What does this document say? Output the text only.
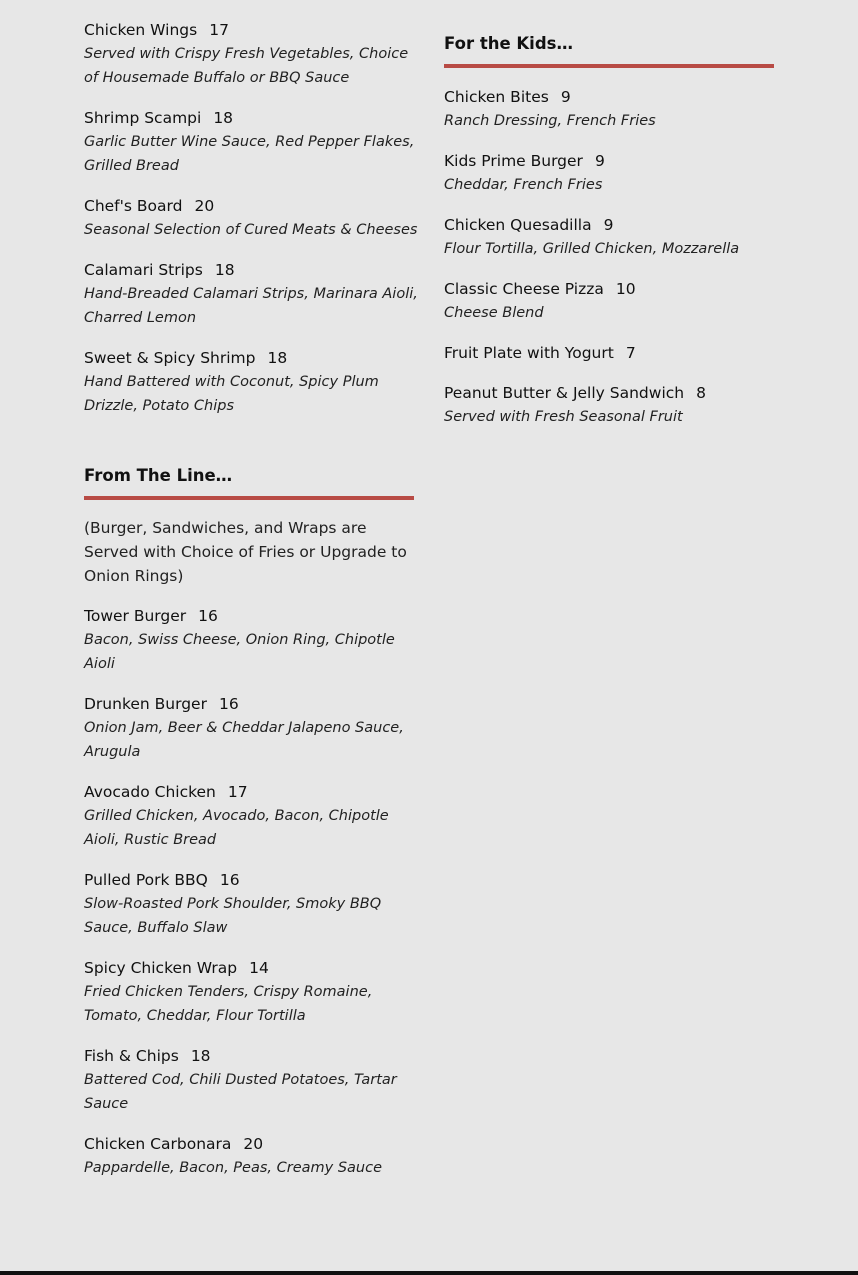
Chicken Wings 17
Served with Crispy Fresh Vegetables, Choice of Housemade Buffalo or BBQ Sauce
Shrimp Scampi 18
Garlic Butter Wine Sauce, Red Pepper Flakes, Grilled Bread
Chef's Board 20
Seasonal Selection of Cured Meats & Cheeses
Calamari Strips 18
Hand-Breaded Calamari Strips, Marinara Aioli, Charred Lemon
Sweet & Spicy Shrimp 18
Hand Battered with Coconut, Spicy Plum Drizzle, Potato Chips
From The Line…
(Burger, Sandwiches, and Wraps are Served with Choice of Fries or Upgrade to Onion Rings)
Tower Burger 16
Bacon, Swiss Cheese, Onion Ring, Chipotle Aioli
Drunken Burger 16
Onion Jam, Beer & Cheddar Jalapeno Sauce, Arugula
Avocado Chicken 17
Grilled Chicken, Avocado, Bacon, Chipotle Aioli, Rustic Bread
Pulled Pork BBQ 16
Slow-Roasted Pork Shoulder, Smoky BBQ Sauce, Buffalo Slaw
Spicy Chicken Wrap 14
Fried Chicken Tenders, Crispy Romaine, Tomato, Cheddar, Flour Tortilla
Fish & Chips 18
Battered Cod, Chili Dusted Potatoes, Tartar Sauce
Chicken Carbonara 20
Pappardelle, Bacon, Peas, Creamy Sauce
For the Kids…
Chicken Bites 9
Ranch Dressing, French Fries
Kids Prime Burger 9
Cheddar, French Fries
Chicken Quesadilla 9
Flour Tortilla, Grilled Chicken, Mozzarella
Classic Cheese Pizza 10
Cheese Blend
Fruit Plate with Yogurt 7
Peanut Butter & Jelly Sandwich 8
Served with Fresh Seasonal Fruit
